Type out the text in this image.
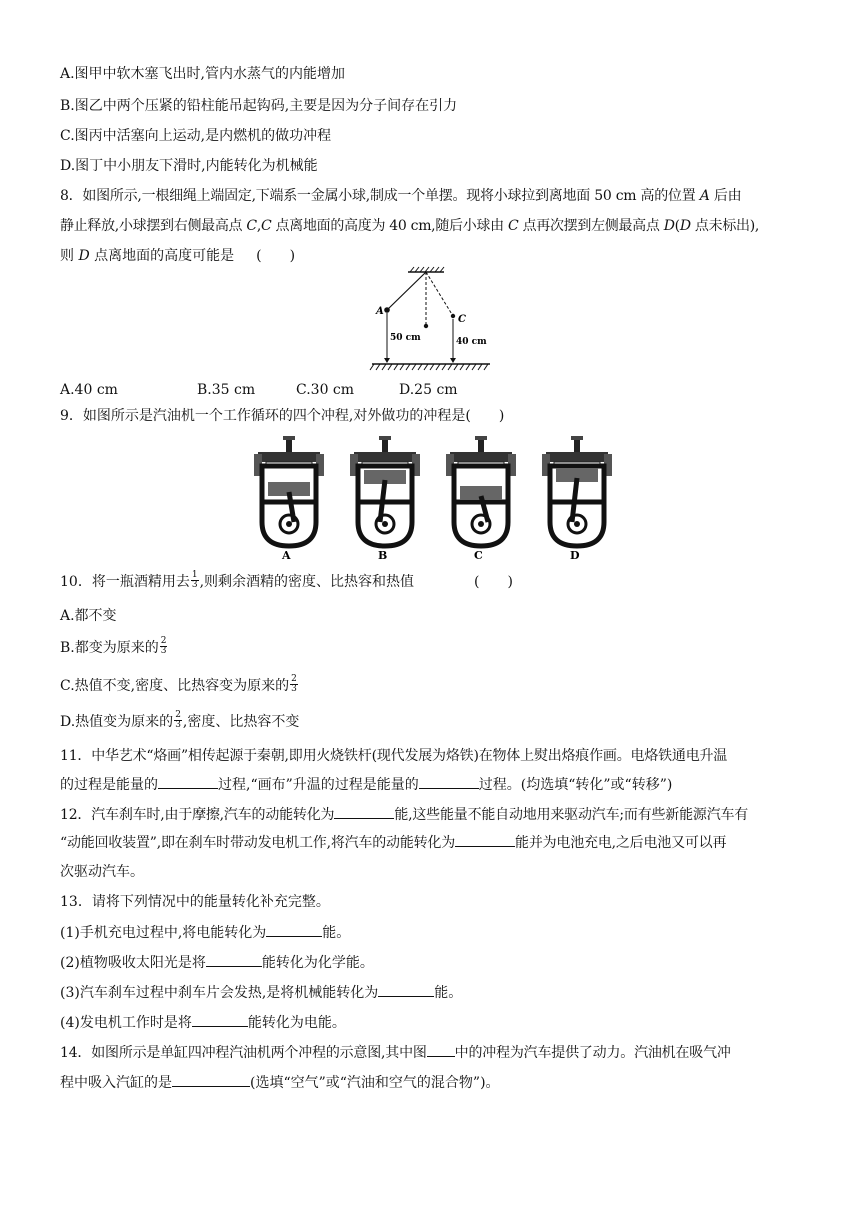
A.图甲中软木塞飞出时,管内水蒸气的内能增加
B.图乙中两个压紧的铅柱能吊起钩码,主要是因为分子间存在引力
C.图丙中活塞向上运动,是内燃机的做功冲程
D.图丁中小朋友下滑时,内能转化为机械能
8．如图所示,一根细绳上端固定,下端系一金属小球,制成一个单摆。现将小球拉到离地面 50 cm 高的位置 A 后由
静止释放,小球摆到右侧最高点 C,C 点离地面的高度为 40 cm,随后小球由 C 点再次摆到左侧最高点 D(D 点未标出),
则 D 点离地面的高度可能是 (　　)
A
C
50 cm	40 cm
A.40 cm	B.35 cm	C.30 cm	D.25 cm
9．如图所示是汽油机一个工作循环的四个冲程,对外做功的冲程是(　　)
A	B	C	D
10．将一瓶酒精用去 $\frac{1}{3}$ ,则剩余酒精的密度、比热容和热值	(　　)
A.都不变
B.都变为原来的 $\frac{2}{3}$
C.热值不变,密度、比热容变为原来的 $\frac{2}{3}$
D.热值变为原来的 $\frac{2}{3}$ ,密度、比热容不变
11．中华艺术“烙画”相传起源于秦朝,即用火烧铁杆(现代发展为烙铁)在物体上熨出烙痕作画。电烙铁通电升温
的过程是能量的	过程,“画布”升温的过程是能量的	过程。(均选填“转化”或“转移”)
12．汽车刹车时,由于摩擦,汽车的动能转化为	能,这些能量不能自动地用来驱动汽车;而有些新能源汽车有
“动能回收装置”,即在刹车时带动发电机工作,将汽车的动能转化为	能并为电池充电,之后电池又可以再
次驱动汽车。
13．请将下列情况中的能量转化补充完整。
(1)手机充电过程中,将电能转化为	能。
(2)植物吸收太阳光是将	能转化为化学能。
(3)汽车刹车过程中刹车片会发热,是将机械能转化为	能。
(4)发电机工作时是将	能转化为电能。
14．如图所示是单缸四冲程汽油机两个冲程的示意图,其中图 中的冲程为汽车提供了动力。汽油机在吸气冲
程中吸入汽缸的是	(选填“空气”或“汽油和空气的混合物”)。
